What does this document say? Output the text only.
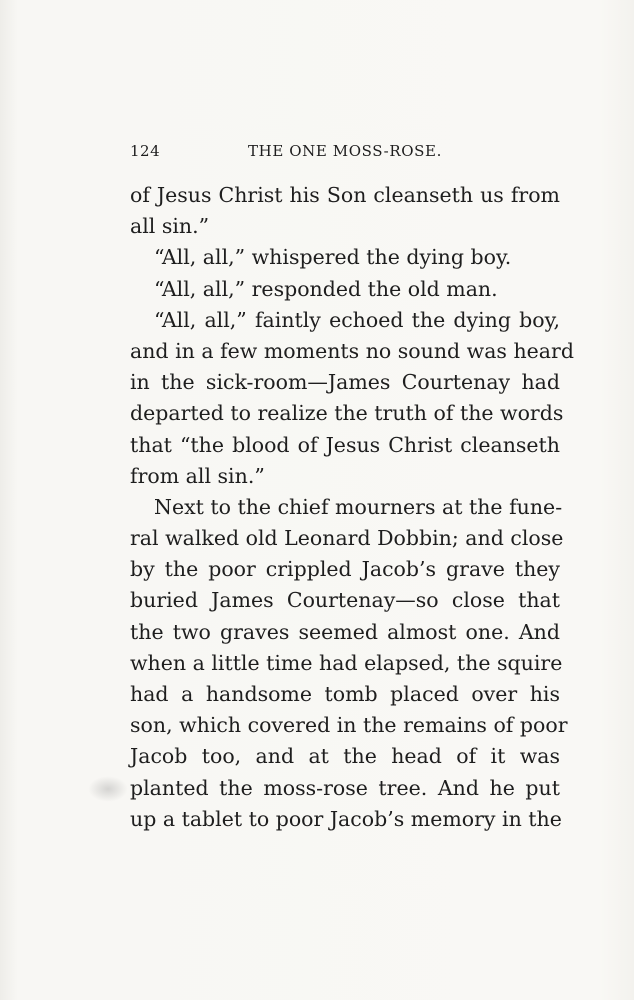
124	THE ONE MOSS-ROSE.
of Jesus Christ his Son cleanseth us from
all sin.”
“All, all,” whispered the dying boy.
“All, all,” responded the old man.
“All, all,” faintly echoed the dying boy,
and in a few moments no sound was heard
in the sick-room—James Courtenay had
departed to realize the truth of the words
that “the blood of Jesus Christ cleanseth
from all sin.”
Next to the chief mourners at the fune-
ral walked old Leonard Dobbin; and close
by the poor crippled Jacob’s grave they
buried James Courtenay—so close that
the two graves seemed almost one. And
when a little time had elapsed, the squire
had a handsome tomb placed over his
son, which covered in the remains of poor
Jacob too, and at the head of it was
planted the moss-rose tree. And he put
up a tablet to poor Jacob’s memory in the
